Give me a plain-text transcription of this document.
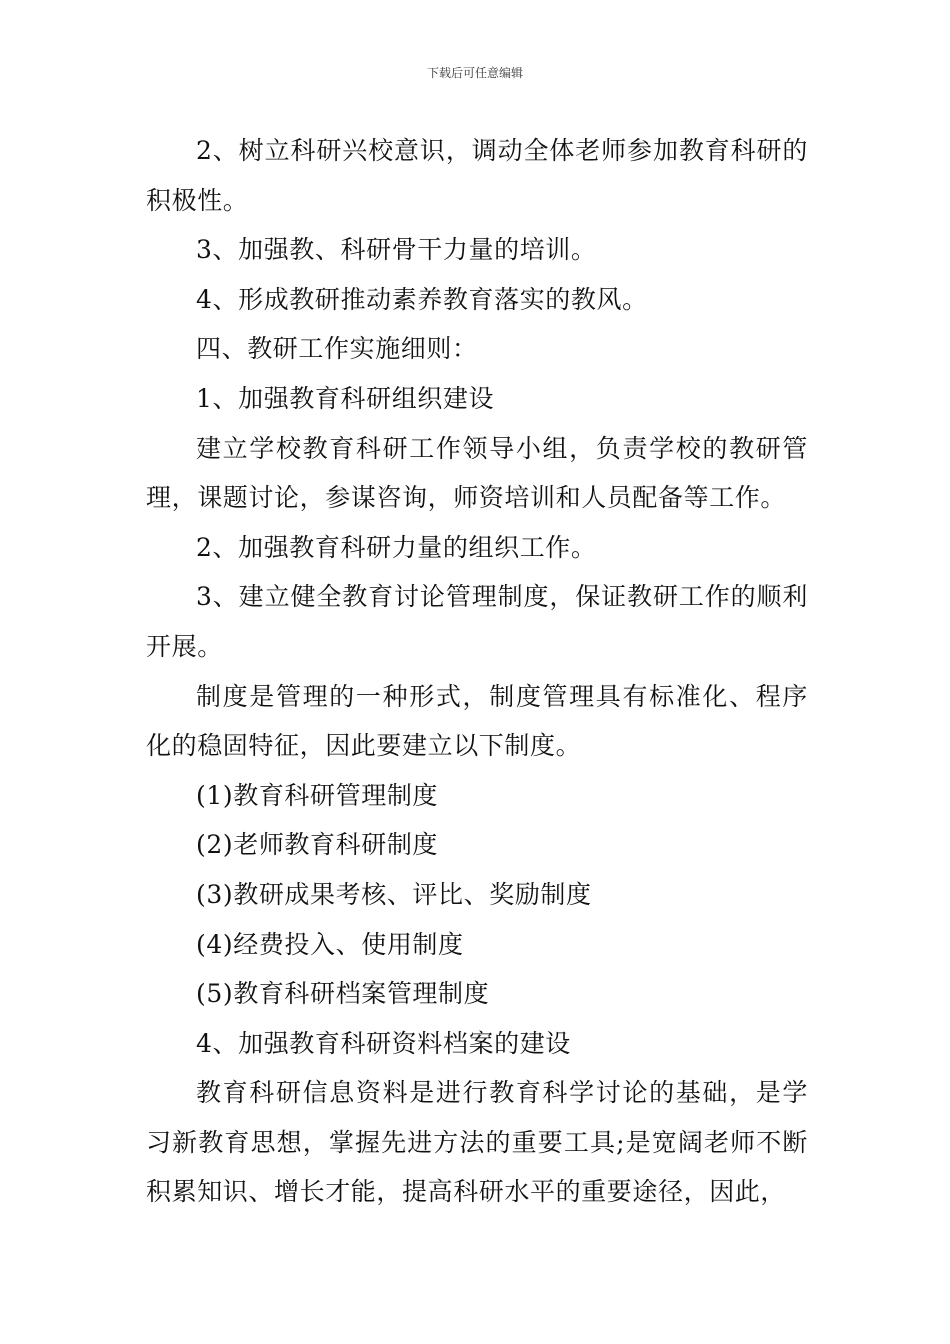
下载后可任意编辑

2、树立科研兴校意识，调动全体老师参加教育科研的积极性。

3、加强教、科研骨干力量的培训。

4、形成教研推动素养教育落实的教风。

四、教研工作实施细则：

1、加强教育科研组织建设

建立学校教育科研工作领导小组，负责学校的教研管理，课题讨论，参谋咨询，师资培训和人员配备等工作。

2、加强教育科研力量的组织工作。

3、建立健全教育讨论管理制度，保证教研工作的顺利开展。

制度是管理的一种形式，制度管理具有标准化、程序化的稳固特征，因此要建立以下制度。

(1)教育科研管理制度

(2)老师教育科研制度

(3)教研成果考核、评比、奖励制度

(4)经费投入、使用制度

(5)教育科研档案管理制度

4、加强教育科研资料档案的建设

教育科研信息资料是进行教育科学讨论的基础，是学习新教育思想，掌握先进方法的重要工具;是宽阔老师不断积累知识、增长才能，提高科研水平的重要途径，因此，
